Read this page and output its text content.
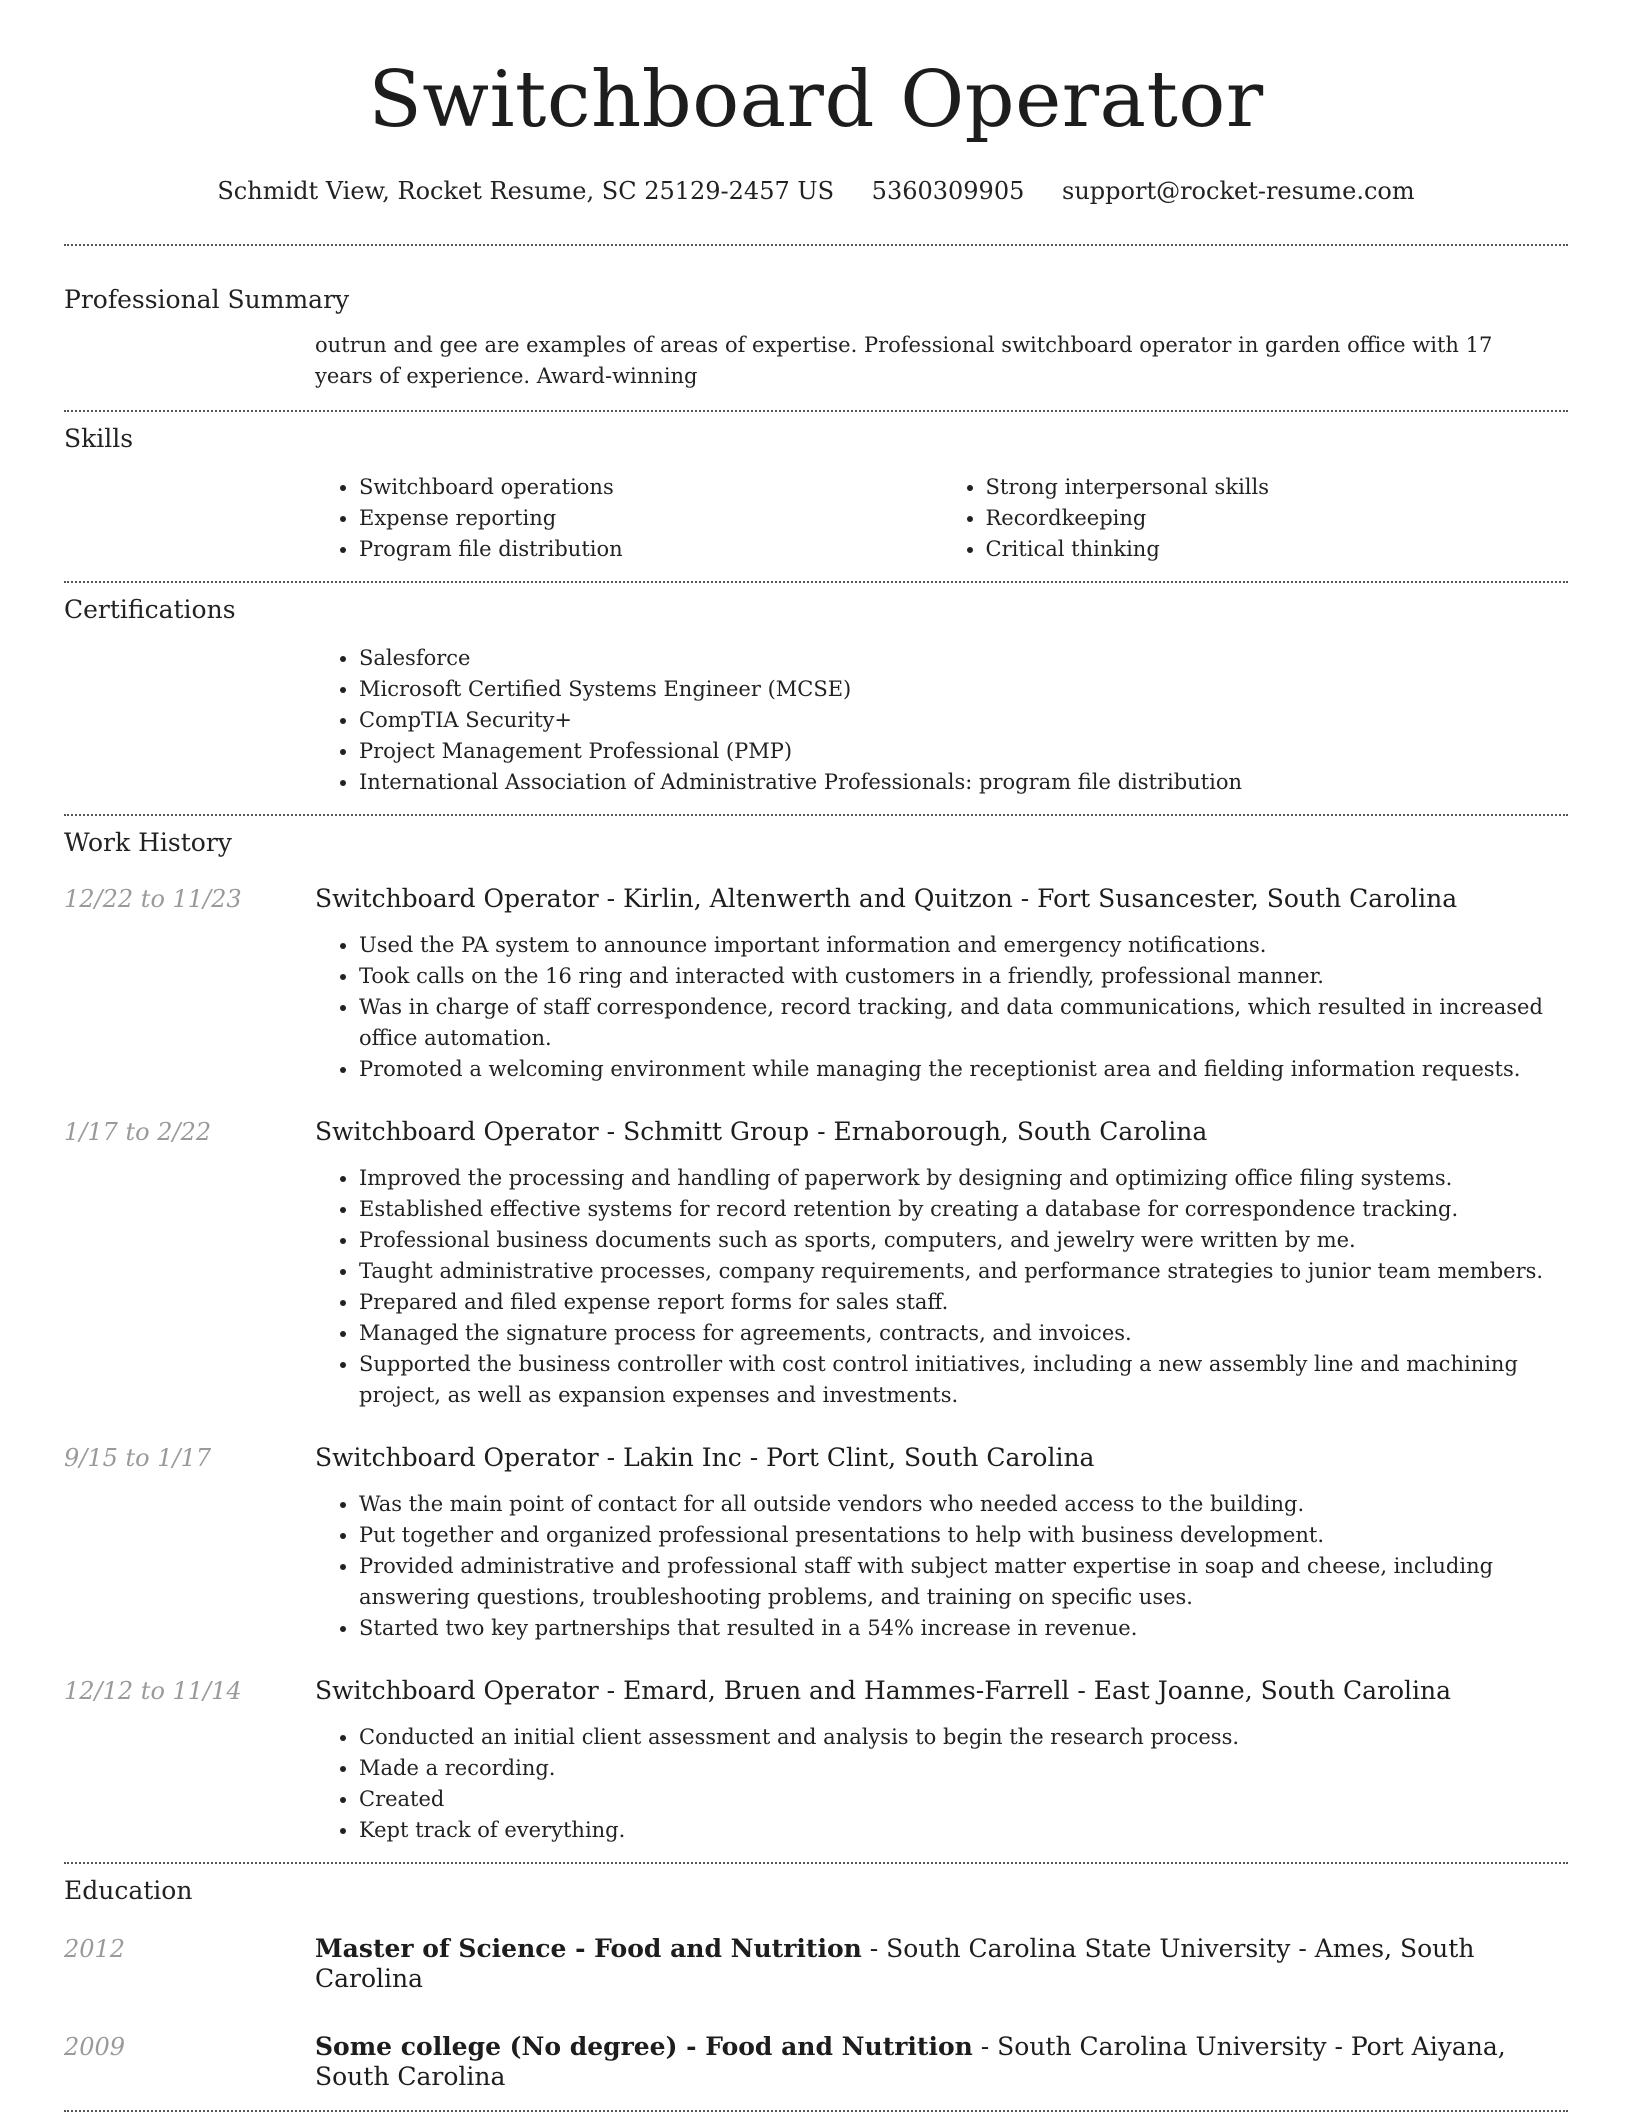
Switchboard Operator
Schmidt View, Rocket Resume, SC 25129-2457 US 5360309905 support@rocket-resume.com
Professional Summary
outrun and gee are examples of areas of expertise. Professional switchboard operator in garden office with 17 years of experience. Award-winning
Skills
• Switchboard operations
• Expense reporting
• Program file distribution
• Strong interpersonal skills
• Recordkeeping
• Critical thinking
Certifications
• Salesforce
• Microsoft Certified Systems Engineer (MCSE)
• CompTIA Security+
• Project Management Professional (PMP)
• International Association of Administrative Professionals: program file distribution
Work History
12/22 to 11/23	Switchboard Operator - Kirlin, Altenwerth and Quitzon - Fort Susancester, South Carolina
• Used the PA system to announce important information and emergency notifications.
• Took calls on the 16 ring and interacted with customers in a friendly, professional manner.
• Was in charge of staff correspondence, record tracking, and data communications, which resulted in increased office automation.
• Promoted a welcoming environment while managing the receptionist area and fielding information requests.
1/17 to 2/22	Switchboard Operator - Schmitt Group - Ernaborough, South Carolina
• Improved the processing and handling of paperwork by designing and optimizing office filing systems.
• Established effective systems for record retention by creating a database for correspondence tracking.
• Professional business documents such as sports, computers, and jewelry were written by me.
• Taught administrative processes, company requirements, and performance strategies to junior team members.
• Prepared and filed expense report forms for sales staff.
• Managed the signature process for agreements, contracts, and invoices.
• Supported the business controller with cost control initiatives, including a new assembly line and machining project, as well as expansion expenses and investments.
9/15 to 1/17	Switchboard Operator - Lakin Inc - Port Clint, South Carolina
• Was the main point of contact for all outside vendors who needed access to the building.
• Put together and organized professional presentations to help with business development.
• Provided administrative and professional staff with subject matter expertise in soap and cheese, including answering questions, troubleshooting problems, and training on specific uses.
• Started two key partnerships that resulted in a 54% increase in revenue.
12/12 to 11/14	Switchboard Operator - Emard, Bruen and Hammes-Farrell - East Joanne, South Carolina
• Conducted an initial client assessment and analysis to begin the research process.
• Made a recording.
• Created
• Kept track of everything.
Education
2012	Master of Science - Food and Nutrition - South Carolina State University - Ames, South Carolina
2009	Some college (No degree) - Food and Nutrition - South Carolina University - Port Aiyana, South Carolina
